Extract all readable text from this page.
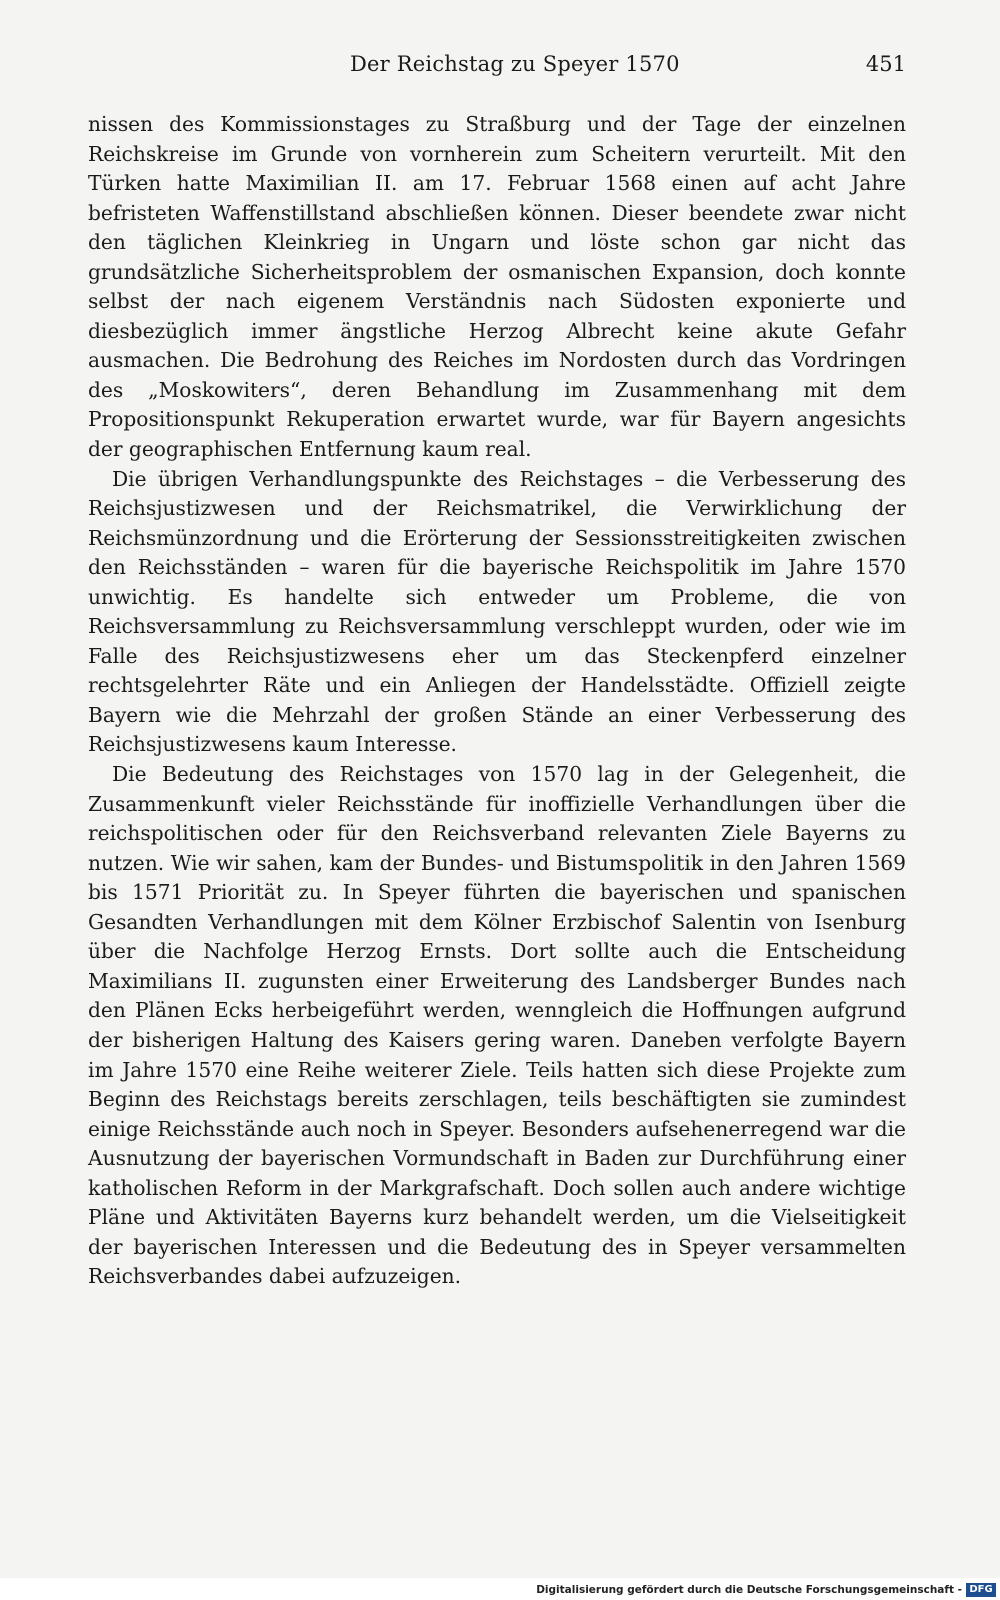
Der Reichstag zu Speyer 1570	451

nissen des Kommissionstages zu Straßburg und der Tage der einzelnen Reichskreise im Grunde von vornherein zum Scheitern verurteilt. Mit den Türken hatte Maximilian II. am 17. Februar 1568 einen auf acht Jahre befristeten Waffenstillstand abschließen können. Dieser beendete zwar nicht den täglichen Kleinkrieg in Ungarn und löste schon gar nicht das grundsätzliche Sicherheitsproblem der osmanischen Expansion, doch konnte selbst der nach eigenem Verständnis nach Südosten exponierte und diesbezüglich immer ängstliche Herzog Albrecht keine akute Gefahr ausmachen. Die Bedrohung des Reiches im Nordosten durch das Vordringen des „Moskowiters“, deren Behandlung im Zusammenhang mit dem Propositionspunkt Rekuperation erwartet wurde, war für Bayern angesichts der geographischen Entfernung kaum real.

Die übrigen Verhandlungspunkte des Reichstages – die Verbesserung des Reichsjustizwesen und der Reichsmatrikel, die Verwirklichung der Reichsmünzordnung und die Erörterung der Sessionsstreitigkeiten zwischen den Reichsständen – waren für die bayerische Reichspolitik im Jahre 1570 unwichtig. Es handelte sich entweder um Probleme, die von Reichsversammlung zu Reichsversammlung verschleppt wurden, oder wie im Falle des Reichsjustizwesens eher um das Steckenpferd einzelner rechtsgelehrter Räte und ein Anliegen der Handelsstädte. Offiziell zeigte Bayern wie die Mehrzahl der großen Stände an einer Verbesserung des Reichsjustizwesens kaum Interesse.

Die Bedeutung des Reichstages von 1570 lag in der Gelegenheit, die Zusammenkunft vieler Reichsstände für inoffizielle Verhandlungen über die reichspolitischen oder für den Reichsverband relevanten Ziele Bayerns zu nutzen. Wie wir sahen, kam der Bundes- und Bistumspolitik in den Jahren 1569 bis 1571 Priorität zu. In Speyer führten die bayerischen und spanischen Gesandten Verhandlungen mit dem Kölner Erzbischof Salentin von Isenburg über die Nachfolge Herzog Ernsts. Dort sollte auch die Entscheidung Maximilians II. zugunsten einer Erweiterung des Landsberger Bundes nach den Plänen Ecks herbeigeführt werden, wenngleich die Hoffnungen aufgrund der bisherigen Haltung des Kaisers gering waren. Daneben verfolgte Bayern im Jahre 1570 eine Reihe weiterer Ziele. Teils hatten sich diese Projekte zum Beginn des Reichstags bereits zerschlagen, teils beschäftigten sie zumindest einige Reichsstände auch noch in Speyer. Besonders aufsehenerregend war die Ausnutzung der bayerischen Vormundschaft in Baden zur Durchführung einer katholischen Reform in der Markgrafschaft. Doch sollen auch andere wichtige Pläne und Aktivitäten Bayerns kurz behandelt werden, um die Vielseitigkeit der bayerischen Interessen und die Bedeutung des in Speyer versammelten Reichsverbandes dabei aufzuzeigen.

Digitalisierung gefördert durch die Deutsche Forschungsgemeinschaft - DFG
